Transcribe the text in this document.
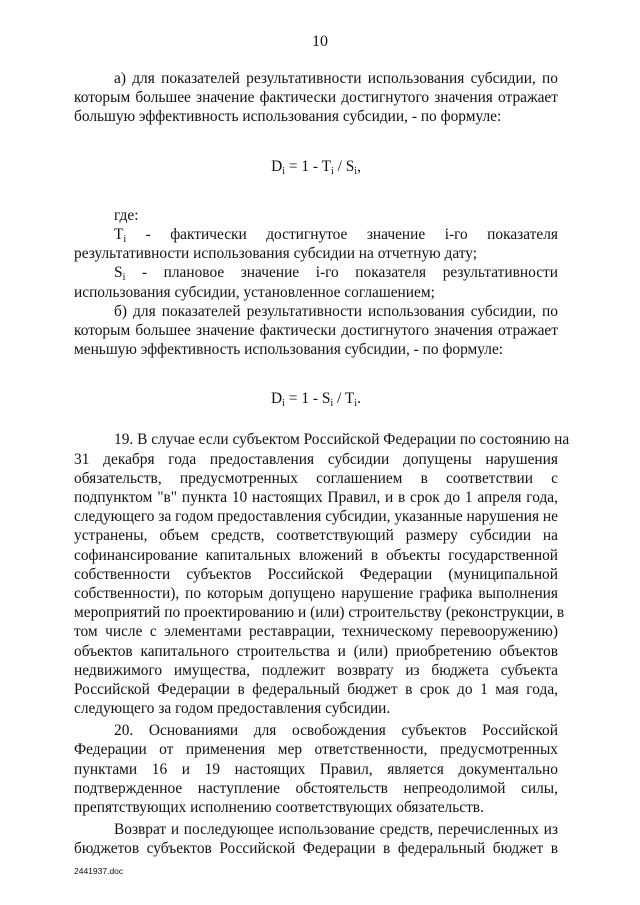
10
а) для показателей результативности использования субсидии, по
которым большее значение фактически достигнутого значения отражает
большую эффективность использования субсидии, - по формуле:
$D_i = 1 - T_i / S_i$,
где:
$T_i$ - фактически достигнутое значение i-го показателя
результативности использования субсидии на отчетную дату;
$S_i$ - плановое значение i-го показателя результативности
использования субсидии, установленное соглашением;
б) для показателей результативности использования субсидии, по
которым большее значение фактически достигнутого значения отражает
меньшую эффективность использования субсидии, - по формуле:
$D_i = 1 - S_i / T_i$.
19. В случае если субъектом Российской Федерации по состоянию на
31 декабря года предоставления субсидии допущены нарушения
обязательств, предусмотренных соглашением в соответствии с
подпунктом "в" пункта 10 настоящих Правил, и в срок до 1 апреля года,
следующего за годом предоставления субсидии, указанные нарушения не
устранены, объем средств, соответствующий размеру субсидии на
софинансирование капитальных вложений в объекты государственной
собственности субъектов Российской Федерации (муниципальной
собственности), по которым допущено нарушение графика выполнения
мероприятий по проектированию и (или) строительству (реконструкции, в
том числе с элементами реставрации, техническому перевооружению)
объектов капитального строительства и (или) приобретению объектов
недвижимого имущества, подлежит возврату из бюджета субъекта
Российской Федерации в федеральный бюджет в срок до 1 мая года,
следующего за годом предоставления субсидии.
20. Основаниями для освобождения субъектов Российской
Федерации от применения мер ответственности, предусмотренных
пунктами 16 и 19 настоящих Правил, является документально
подтвержденное наступление обстоятельств непреодолимой силы,
препятствующих исполнению соответствующих обязательств.
Возврат и последующее использование средств, перечисленных из
бюджетов субъектов Российской Федерации в федеральный бюджет в
2441937.doc
